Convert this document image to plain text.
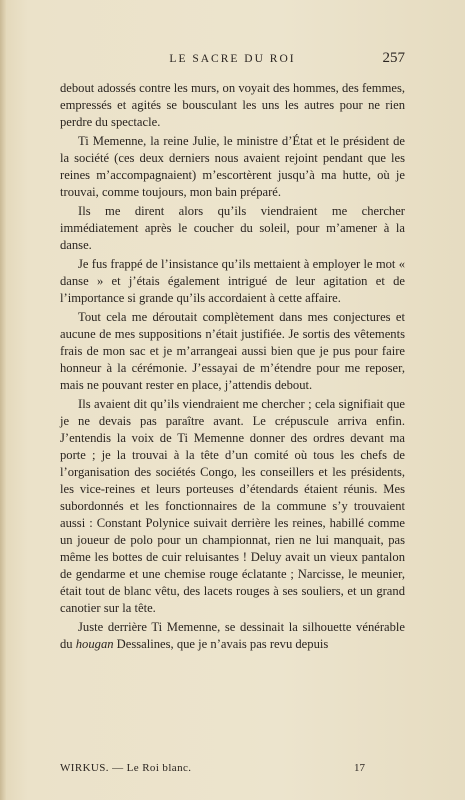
LE SACRE DU ROI	257

debout adossés contre les murs, on voyait des hommes, des femmes, empressés et agités se bousculant les uns les autres pour ne rien perdre du spectacle.

Ti Memenne, la reine Julie, le ministre d’État et le président de la société (ces deux derniers nous avaient rejoint pendant que les reines m’accompagnaient) m’escortèrent jusqu’à ma hutte, où je trouvai, comme toujours, mon bain préparé.

Ils me dirent alors qu’ils viendraient me chercher immédiatement après le coucher du soleil, pour m’amener à la danse.

Je fus frappé de l’insistance qu’ils mettaient à employer le mot « danse » et j’étais également intrigué de leur agitation et de l’importance si grande qu’ils accordaient à cette affaire.

Tout cela me déroutait complètement dans mes conjectures et aucune de mes suppositions n’était justifiée. Je sortis des vêtements frais de mon sac et je m’arrangeai aussi bien que je pus pour faire honneur à la cérémonie. J’essayai de m’étendre pour me reposer, mais ne pouvant rester en place, j’attendis debout.

Ils avaient dit qu’ils viendraient me chercher ; cela signifiait que je ne devais pas paraître avant. Le crépuscule arriva enfin. J’entendis la voix de Ti Memenne donner des ordres devant ma porte ; je la trouvai à la tête d’un comité où tous les chefs de l’organisation des sociétés Congo, les conseillers et les présidents, les vice-reines et leurs porteuses d’étendards étaient réunis. Mes subordonnés et les fonctionnaires de la commune s’y trouvaient aussi : Constant Polynice suivait derrière les reines, habillé comme un joueur de polo pour un championnat, rien ne lui manquait, pas même les bottes de cuir reluisantes ! Deluy avait un vieux pantalon de gendarme et une chemise rouge éclatante ; Narcisse, le meunier, était tout de blanc vêtu, des lacets rouges à ses souliers, et un grand canotier sur la tête.

Juste derrière Ti Memenne, se dessinait la silhouette vénérable du hougan Dessalines, que je n’avais pas revu depuis

WIRKUS. — Le Roi blanc.	17
